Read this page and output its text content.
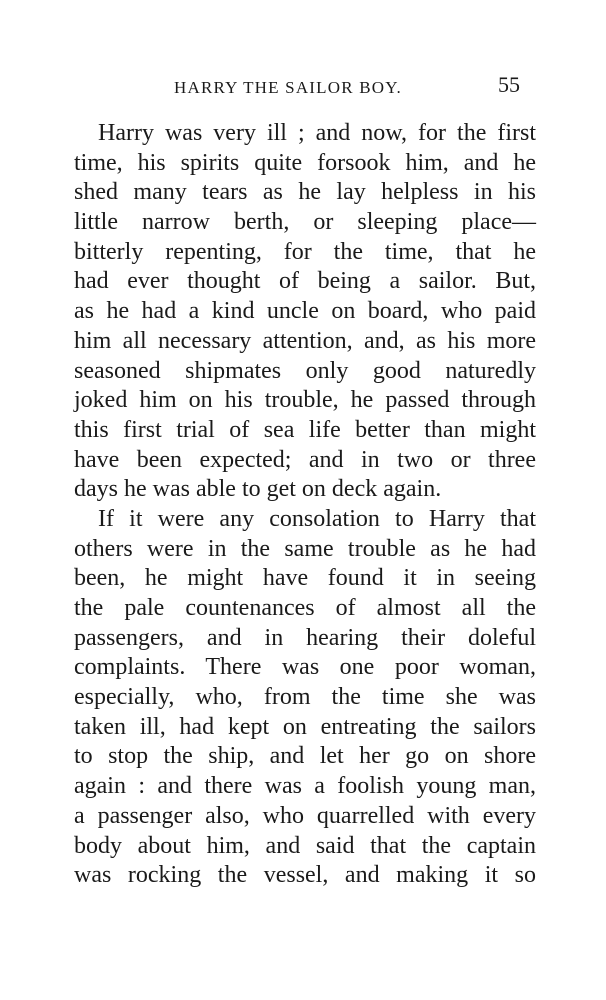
HARRY THE SAILOR BOY.	55
Harry was very ill ; and now, for the first
time, his spirits quite forsook him, and he
shed many tears as he lay helpless in his
little narrow berth, or sleeping place—
bitterly repenting, for the time, that he
had ever thought of being a sailor. But,
as he had a kind uncle on board, who paid
him all necessary attention, and, as his more
seasoned shipmates only good naturedly
joked him on his trouble, he passed through
this first trial of sea life better than might
have been expected; and in two or three
days he was able to get on deck again.
If it were any consolation to Harry that
others were in the same trouble as he had
been, he might have found it in seeing
the pale countenances of almost all the
passengers, and in hearing their doleful
complaints. There was one poor woman,
especially, who, from the time she was
taken ill, had kept on entreating the sailors
to stop the ship, and let her go on shore
again : and there was a foolish young man,
a passenger also, who quarrelled with every
body about him, and said that the captain
was rocking the vessel, and making it so
